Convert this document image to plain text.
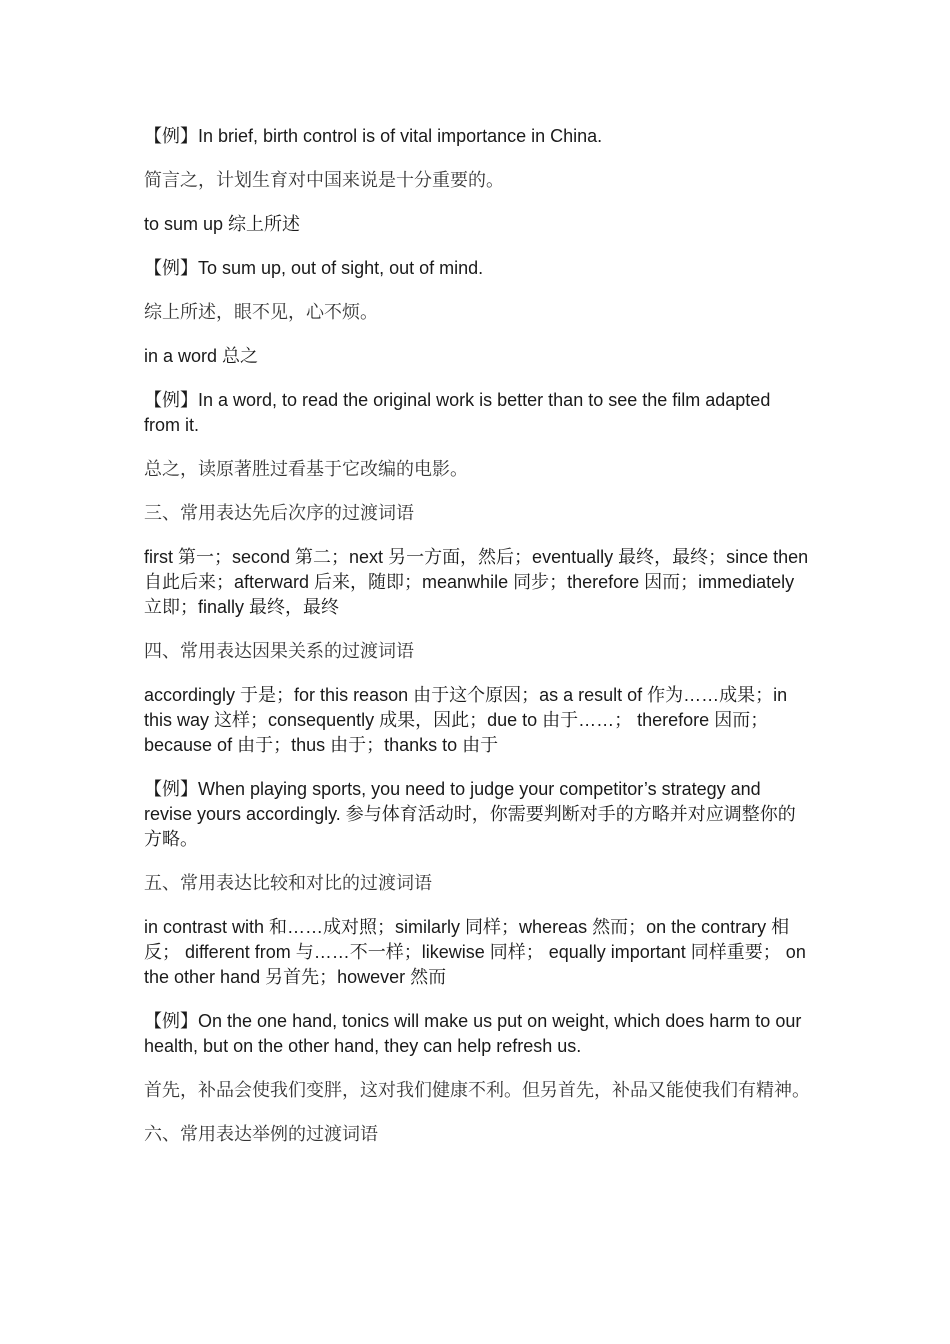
【例】In brief, birth control is of vital importance in China.

简言之，计划生育对中国来说是十分重要的。

to sum up 综上所述

【例】To sum up, out of sight, out of mind.

综上所述，眼不见，心不烦。

in a word 总之

【例】In a word, to read the original work is better than to see the film adapted from it.

总之，读原著胜过看基于它改编的电影。

三、常用表达先后次序的过渡词语

first 第一；second 第二；next 另一方面，然后；eventually 最终，最终；since then 自此后来；afterward 后来，随即；meanwhile 同步；therefore 因而；immediately 立即；finally 最终，最终

四、常用表达因果关系的过渡词语

accordingly 于是；for this reason 由于这个原因；as a result of 作为……成果；in this way 这样；consequently 成果，因此；due to 由于……； therefore 因而；because of 由于；thus 由于；thanks to 由于

【例】When playing sports, you need to judge your competitor’s strategy and revise yours accordingly. 参与体育活动时，你需要判断对手的方略并对应调整你的方略。

五、常用表达比较和对比的过渡词语

in contrast with 和……成对照；similarly 同样；whereas 然而；on the contrary 相反； different from 与……不一样；likewise 同样； equally important 同样重要； on the other hand 另首先；however 然而

【例】On the one hand, tonics will make us put on weight, which does harm to our health, but on the other hand, they can help refresh us.

首先，补品会使我们变胖，这对我们健康不利。但另首先，补品又能使我们有精神。

六、常用表达举例的过渡词语
